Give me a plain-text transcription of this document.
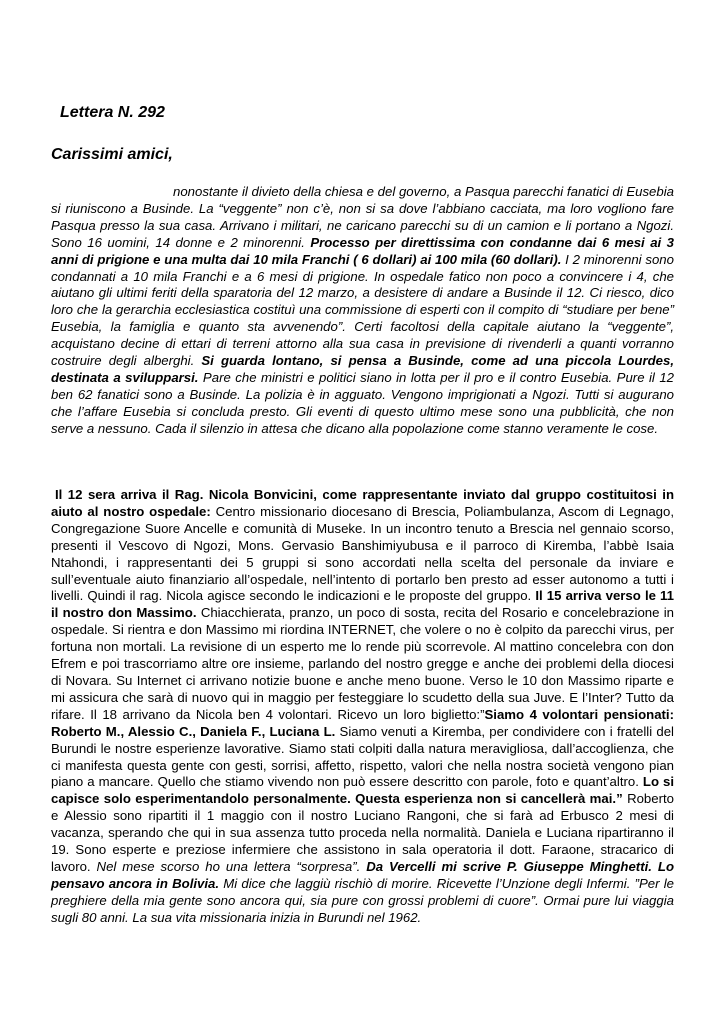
Lettera N. 292
Carissimi amici,

nonostante il divieto della chiesa e del governo, a Pasqua parecchi fanatici di Eusebia si riuniscono a Businde. La “veggente” non c’è, non si sa dove l’abbiano cacciata, ma loro vogliono fare Pasqua presso la sua casa. Arrivano i militari, ne caricano parecchi su di un camion e li portano a Ngozi. Sono 16 uomini, 14 donne e 2 minorenni. Processo per direttissima con condanne dai 6 mesi ai 3 anni di prigione e una multa dai 10 mila Franchi ( 6 dollari) ai 100 mila (60 dollari). I 2 minorenni sono condannati a 10 mila Franchi e a 6 mesi di prigione. In ospedale fatico non poco a convincere i 4, che aiutano gli ultimi feriti della sparatoria del 12 marzo, a desistere di andare a Businde il 12. Ci riesco, dico loro che la gerarchia ecclesiastica costituì una commissione di esperti con il compito di “studiare per bene” Eusebia, la famiglia e quanto sta avvenendo”. Certi facoltosi della capitale aiutano la “veggente”, acquistano decine di ettari di terreni attorno alla sua casa in previsione di rivenderli a quanti vorranno costruire degli alberghi. Si guarda lontano, si pensa a Businde, come ad una piccola Lourdes, destinata a svilupparsi. Pare che ministri e politici siano in lotta per il pro e il contro Eusebia. Pure il 12 ben 62 fanatici sono a Businde. La polizia è in agguato. Vengono imprigionati a Ngozi. Tutti si augurano che l’affare Eusebia si concluda presto. Gli eventi di questo ultimo mese sono una pubblicità, che non serve a nessuno. Cada il silenzio in attesa che dicano alla popolazione come stanno veramente le cose.

Il 12 sera arriva il Rag. Nicola Bonvicini, come rappresentante inviato dal gruppo costituitosi in aiuto al nostro ospedale: Centro missionario diocesano di Brescia, Poliambulanza, Ascom di Legnago, Congregazione Suore Ancelle e comunità di Museke. In un incontro tenuto a Brescia nel gennaio scorso, presenti il Vescovo di Ngozi, Mons. Gervasio Banshimiyubusa e il parroco di Kiremba, l’abbè Isaia Ntahondi, i rappresentanti dei 5 gruppi si sono accordati nella scelta del personale da inviare e sull’eventuale aiuto finanziario all’ospedale, nell’intento di portarlo ben presto ad esser autonomo a tutti i livelli. Quindi il rag. Nicola agisce secondo le indicazioni e le proposte del gruppo. Il 15 arriva verso le 11 il nostro don Massimo. Chiacchierata, pranzo, un poco di sosta, recita del Rosario e concelebrazione in ospedale. Si rientra e don Massimo mi riordina INTERNET, che volere o no è colpito da parecchi virus, per fortuna non mortali. La revisione di un esperto me lo rende più scorrevole. Al mattino concelebra con don Efrem e poi trascorriamo altre ore insieme, parlando del nostro gregge e anche dei problemi della diocesi di Novara. Su Internet ci arrivano notizie buone e anche meno buone. Verso le 10 don Massimo riparte e mi assicura che sarà di nuovo qui in maggio per festeggiare lo scudetto della sua Juve. E l’Inter? Tutto da rifare. Il 18 arrivano da Nicola ben 4 volontari. Ricevo un loro biglietto:”Siamo 4 volontari pensionati: Roberto M., Alessio C., Daniela F., Luciana L. Siamo venuti a Kiremba, per condividere con i fratelli del Burundi le nostre esperienze lavorative. Siamo stati colpiti dalla natura meravigliosa, dall’accoglienza, che ci manifesta questa gente con gesti, sorrisi, affetto, rispetto, valori che nella nostra società vengono pian piano a mancare. Quello che stiamo vivendo non può essere descritto con parole, foto e quant’altro. Lo si capisce solo esperimentandolo personalmente. Questa esperienza non si cancellerà mai.” Roberto e Alessio sono ripartiti il 1 maggio con il nostro Luciano Rangoni, che si farà ad Erbusco 2 mesi di vacanza, sperando che qui in sua assenza tutto proceda nella normalità. Daniela e Luciana ripartiranno il 19. Sono esperte e preziose infermiere che assistono in sala operatoria il dott. Faraone, stracarico di lavoro. Nel mese scorso ho una lettera “sorpresa”. Da Vercelli mi scrive P. Giuseppe Minghetti. Lo pensavo ancora in Bolivia. Mi dice che laggiù rischiò di morire. Ricevette l’Unzione degli Infermi. ”Per le preghiere della mia gente sono ancora qui, sia pure con grossi problemi di cuore”. Ormai pure lui viaggia sugli 80 anni. La sua vita missionaria inizia in Burundi nel 1962.
